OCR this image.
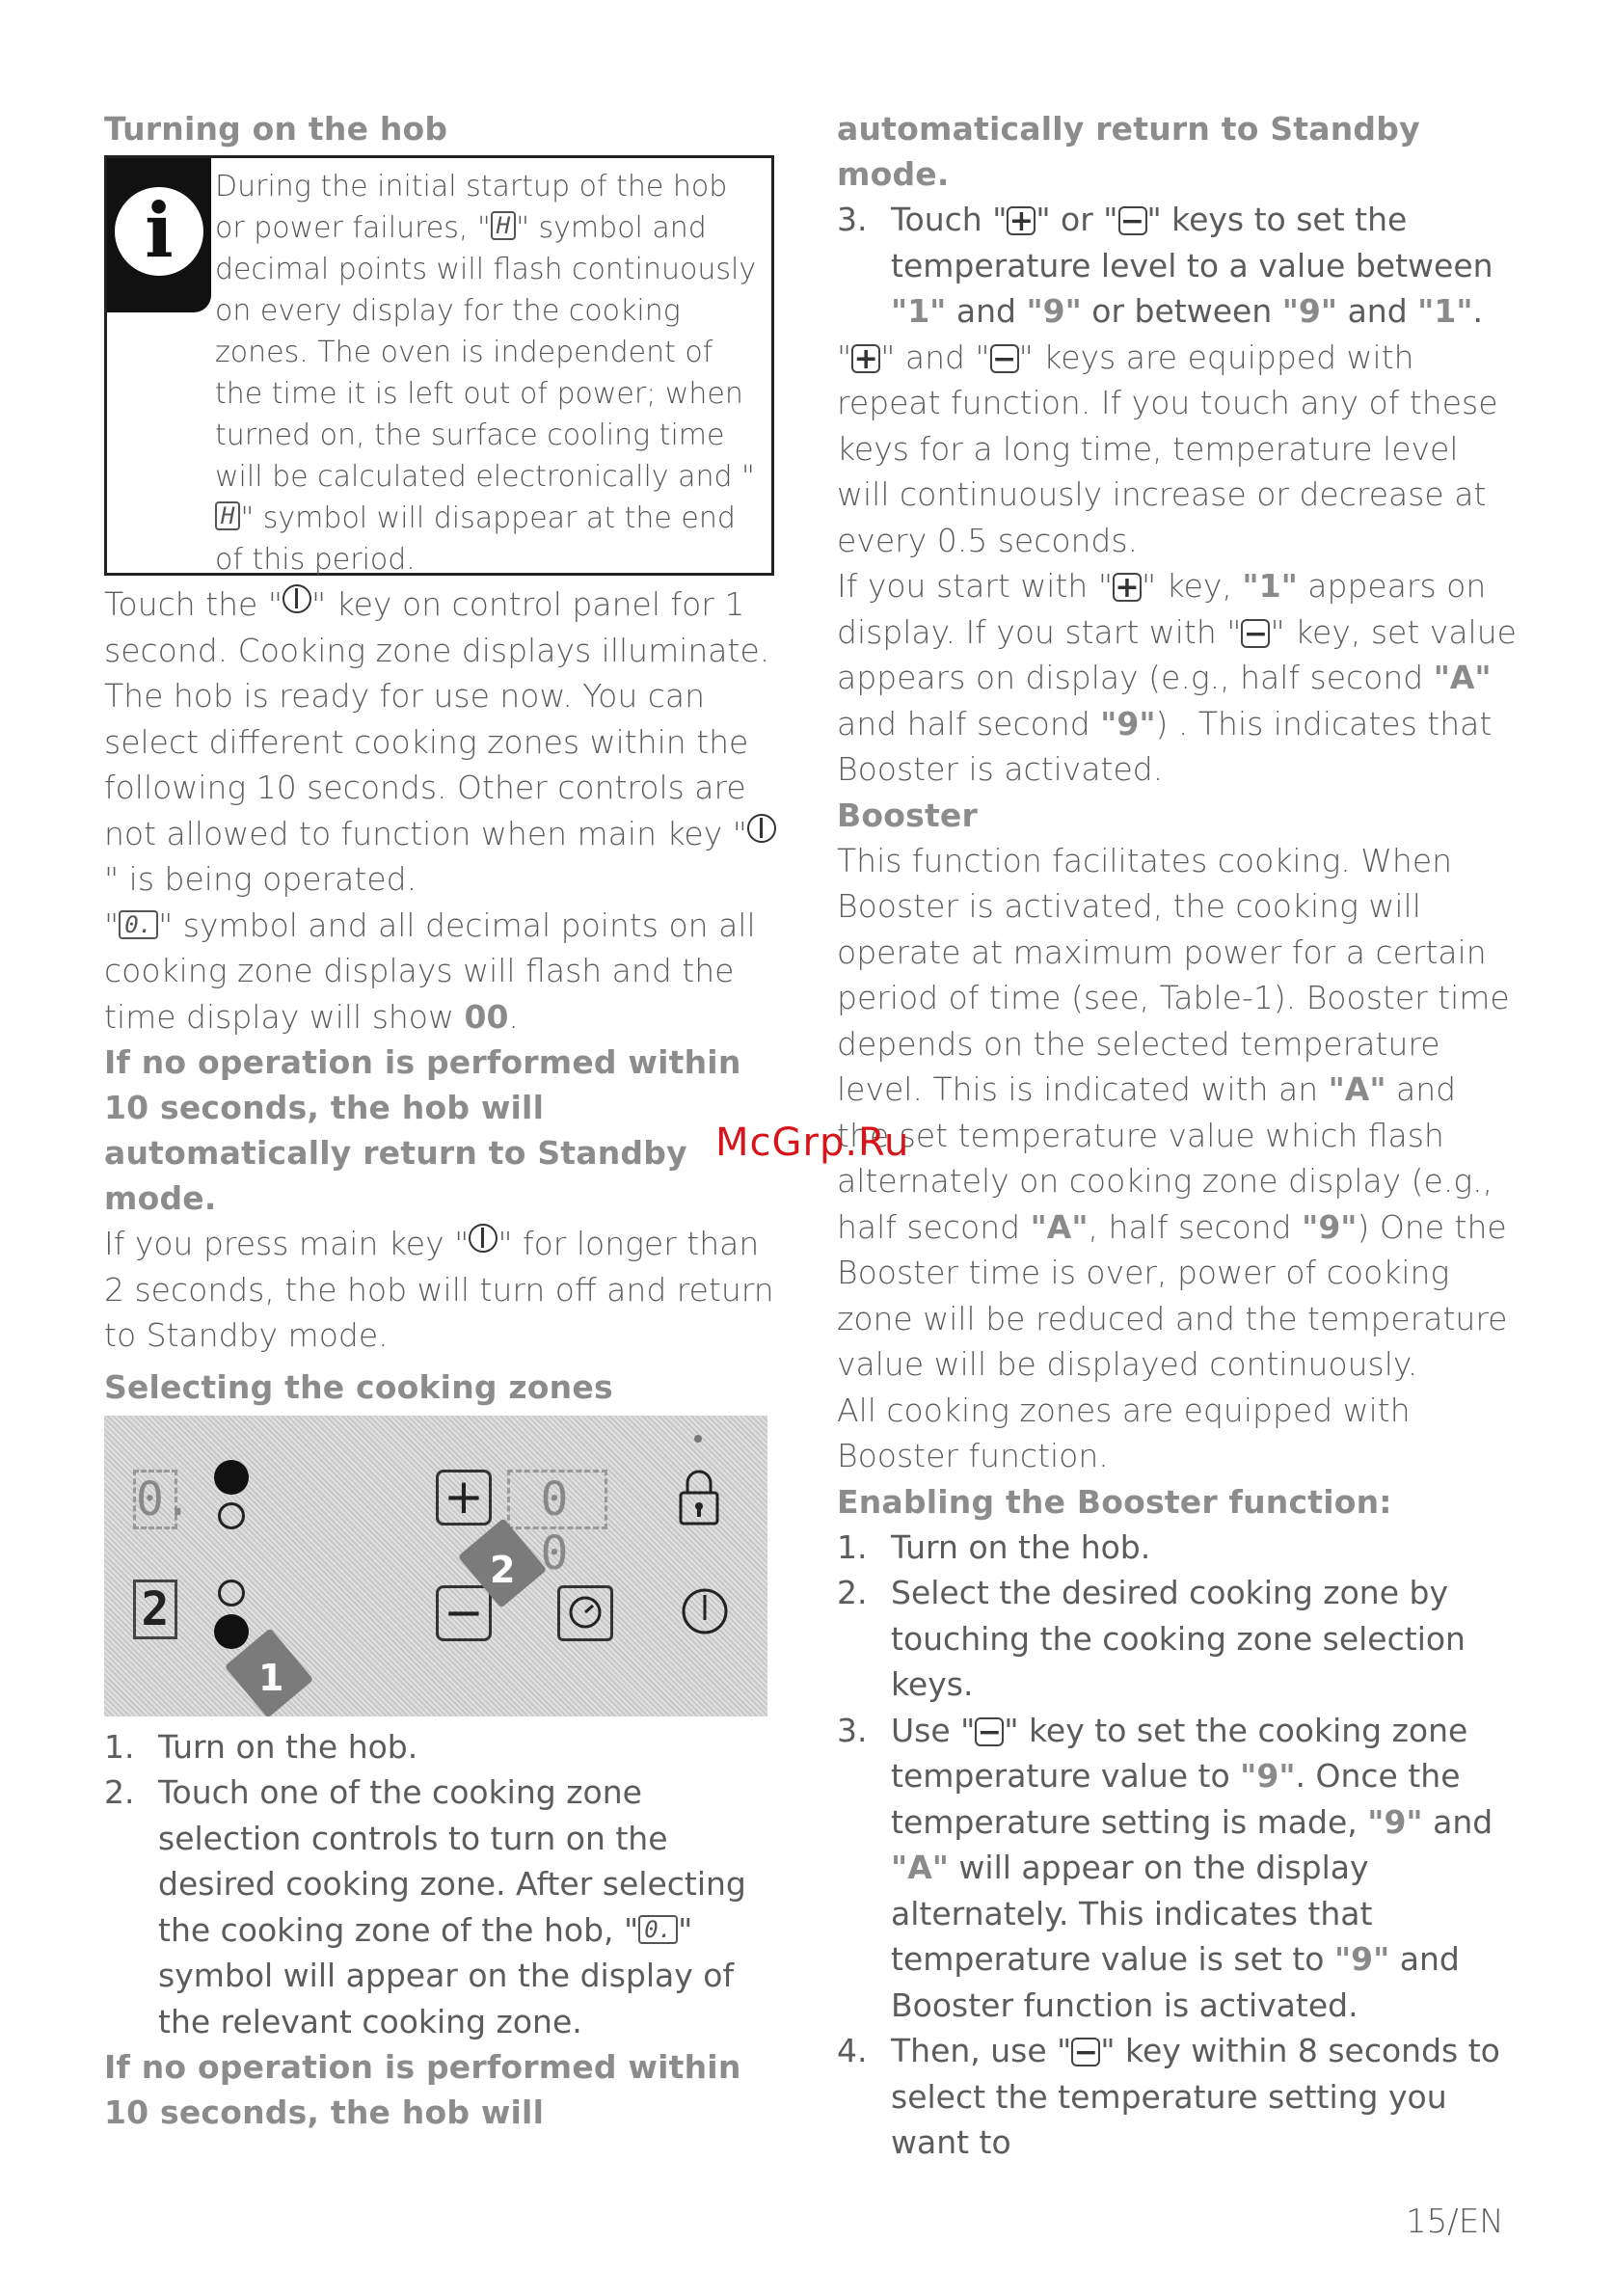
Turning on the hob
i
During the initial startup of the hob or power failures, " H " symbol and decimal points will flash continuously on every display for the cooking zones. The oven is independent of the time it is left out of power; when turned on, the surface cooling time will be calculated electronically and "H " symbol will disappear at the end of this period.

Touch the " " key on control panel for 1 second. Cooking zone displays illuminate. The hob is ready for use now. You can select different cooking zones within the following 10 seconds. Other controls are not allowed to function when main key "" is being operated.

" 0. " symbol and all decimal points on all cooking zone displays will flash and the time display will show 00.

If no operation is performed within 10 seconds, the hob will automatically return to Standby mode.

If you press main key " " for longer than 2 seconds, the hob will turn off and return to Standby mode.

Selecting the cooking zones
0.
2
1
+	0 0
−
2
1. Turn on the hob.
2. Touch one of the cooking zone selection controls to turn on the desired cooking zone. After selecting the cooking zone of the hob, " 0. " symbol will appear on the display of the relevant cooking zone.

If no operation is performed within 10 seconds, the hob will

automatically return to Standby mode.

3. Touch "+" or "−" keys to set the temperature level to a value between "1" and "9" or between "9" and "1".

"+" and "−" keys are equipped with repeat function. If you touch any of these keys for a long time, temperature level will continuously increase or decrease at every 0.5 seconds.

If you start with "+" key, "1" appears on display. If you start with "−" key, set value appears on display (e.g., half second "A" and half second "9") . This indicates that Booster is activated.

Booster

This function facilitates cooking. When Booster is activated, the cooking will operate at maximum power for a certain period of time (see, Table-1). Booster time depends on the selected temperature level. This is indicated with an "A" and the set temperature value which flash alternately on cooking zone display (e.g., half second "A", half second "9") One the Booster time is over, power of cooking zone will be reduced and the temperature value will be displayed continuously.

All cooking zones are equipped with Booster function.

Enabling the Booster function:
1. Turn on the hob.
2. Select the desired cooking zone by touching the cooking zone selection keys.
3. Use "−" key to set the cooking zone temperature value to "9". Once the temperature setting is made, "9" and "A" will appear on the display alternately. This indicates that temperature value is set to "9" and Booster function is activated.
4. Then, use "−" key within 8 seconds to select the temperature setting you want to
McGrp.Ru
15/EN
